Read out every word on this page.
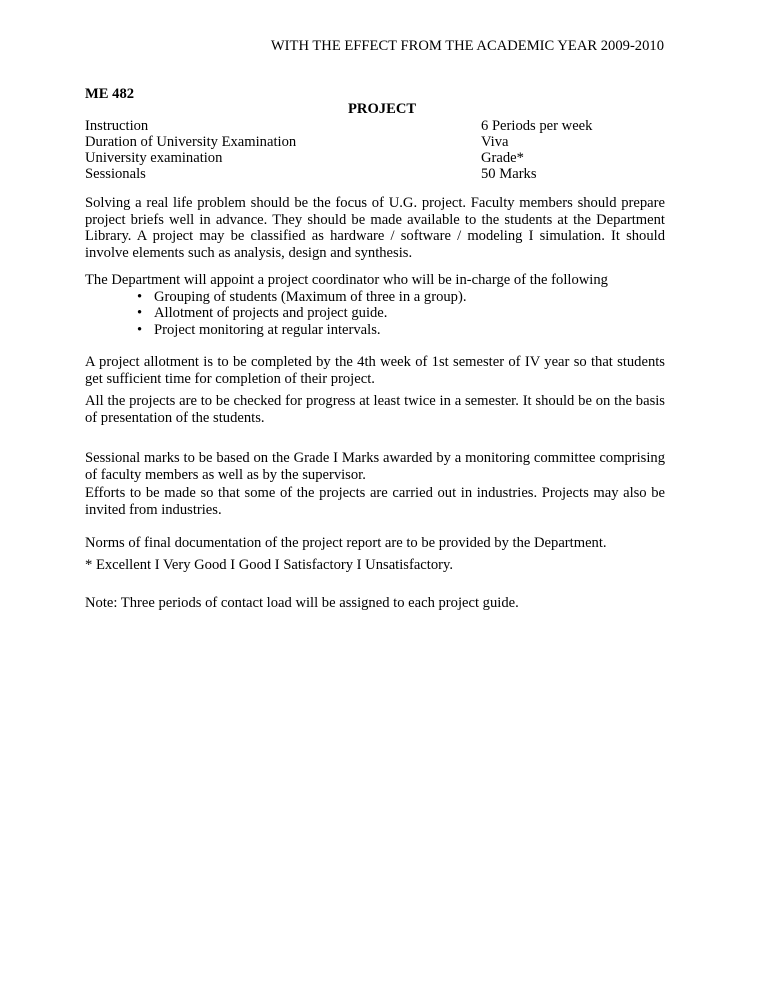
WITH THE EFFECT FROM THE ACADEMIC YEAR 2009-2010
ME 482
PROJECT
Instruction	6 Periods per week
Duration of University Examination	Viva
University examination	Grade*
Sessionals	50 Marks
Solving a real life problem should be the focus of U.G. project. Faculty members should prepare project briefs well in advance. They should be made available to the students at the Department Library. A project may be classified as hardware / software / modeling I simulation. It should involve elements such as analysis, design and synthesis.
The Department will appoint a project coordinator who will be in-charge of the following
• Grouping of students (Maximum of three in a group).
• Allotment of projects and project guide.
• Project monitoring at regular intervals.
A project allotment is to be completed by the 4th week of 1st semester of IV year so that students get sufficient time for completion of their project.
All the projects are to be checked for progress at least twice in a semester. It should be on the basis of presentation of the students.
Sessional marks to be based on the Grade I Marks awarded by a monitoring committee comprising of faculty members as well as by the supervisor.
Efforts to be made so that some of the projects are carried out in industries. Projects may also be invited from industries.
Norms of final documentation of the project report are to be provided by the Department.
* Excellent I Very Good I Good I Satisfactory I Unsatisfactory.
Note: Three periods of contact load will be assigned to each project guide.
